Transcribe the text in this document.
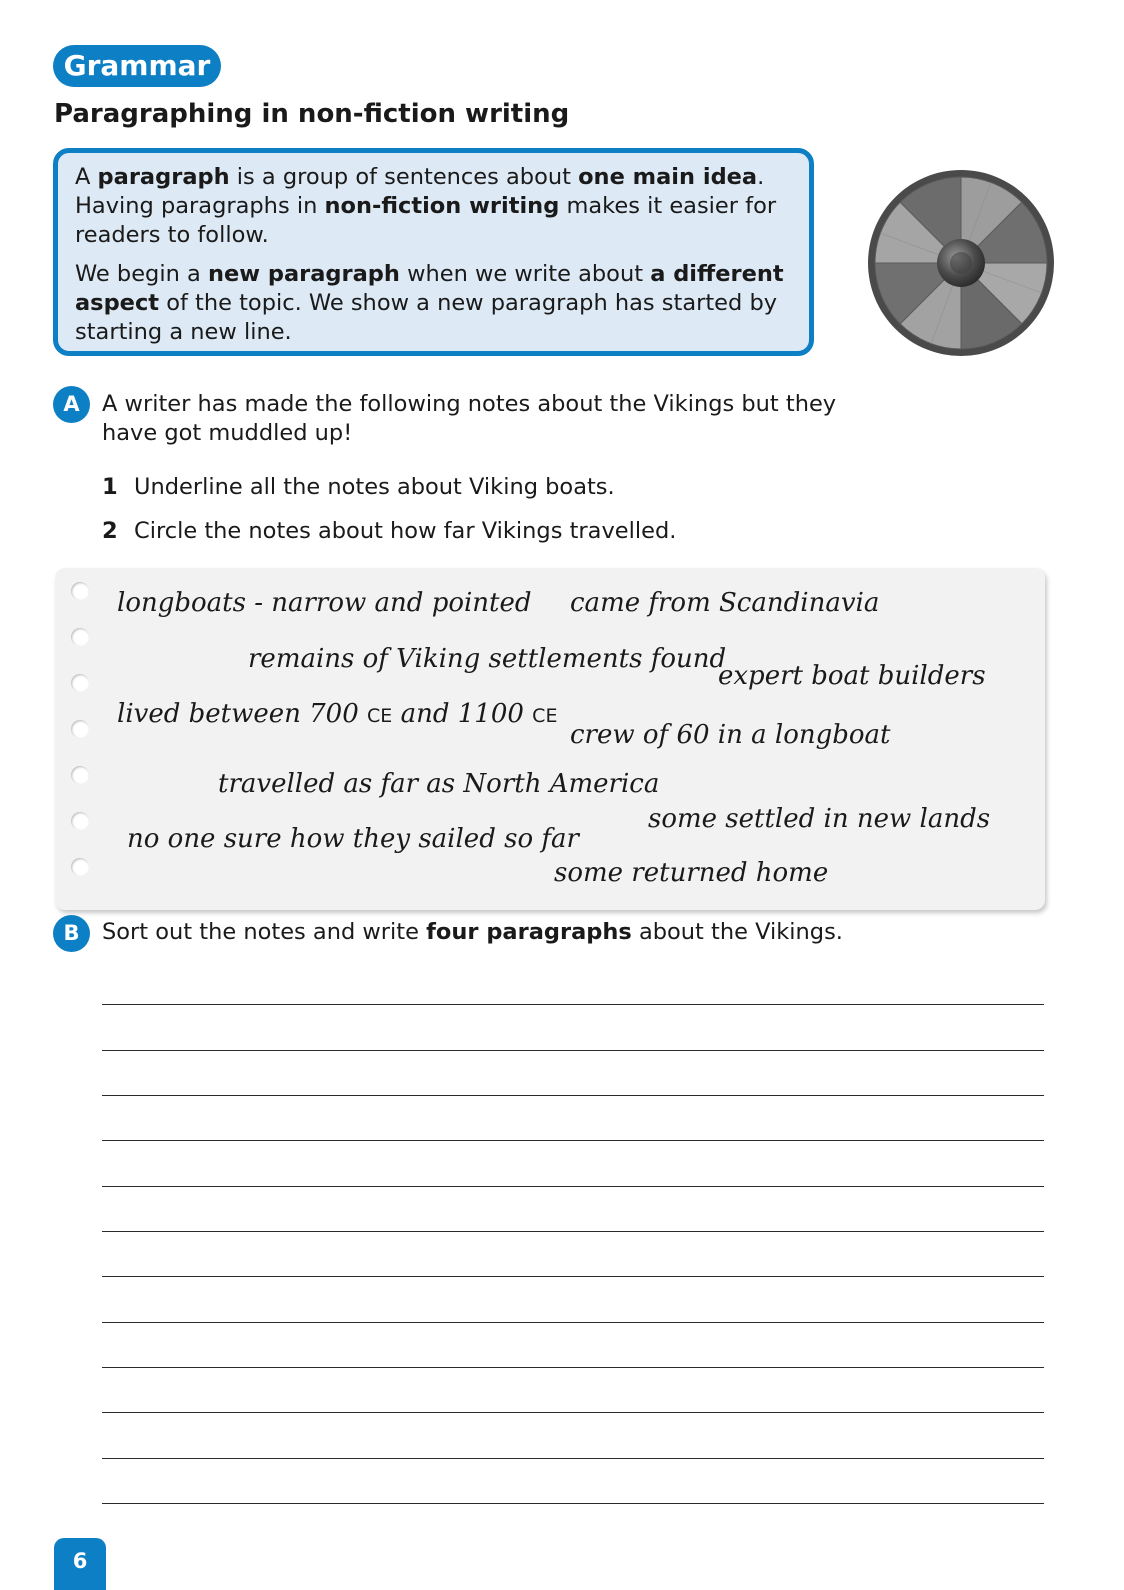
Grammar
Paragraphing in non-fiction writing

A paragraph is a group of sentences about one main idea.
Having paragraphs in non-fiction writing makes it easier for
readers to follow.

We begin a new paragraph when we write about a different
aspect of the topic. We show a new paragraph has started by
starting a new line.

A A writer has made the following notes about the Vikings but they
have got muddled up!

1 Underline all the notes about Viking boats.
2 Circle the notes about how far Vikings travelled.
longboats - narrow and pointed came from Scandinavia
remains of Viking settlements found
expert boat builders
lived between 700 CE and 1100 CE
crew of 60 in a longboat
travelled as far as North America
some settled in new lands
no one sure how they sailed so far
some returned home
B	Sort out the notes and write four paragraphs about the Vikings.

6
